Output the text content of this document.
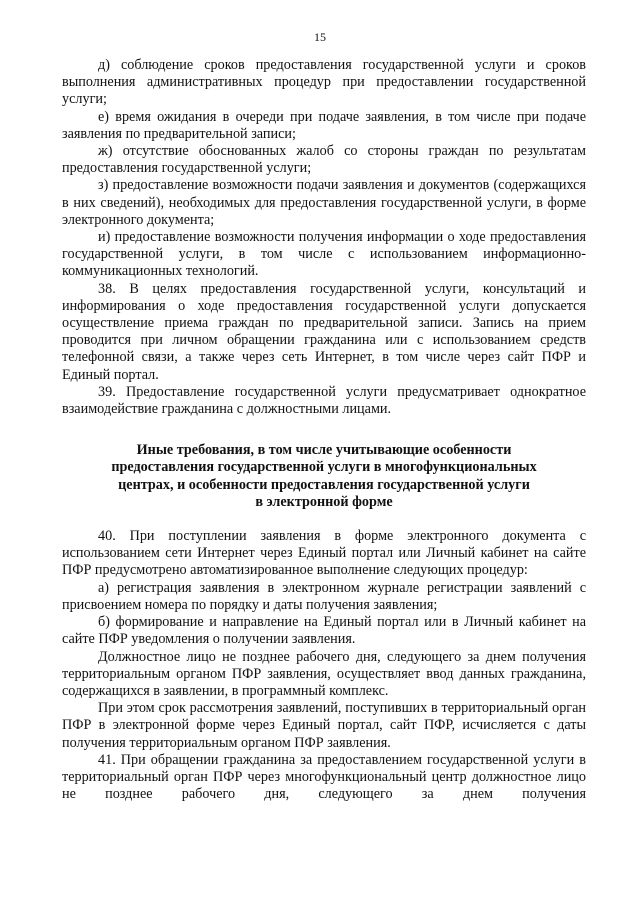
15

д) соблюдение сроков предоставления государственной услуги и сроков выполнения административных процедур при предоставлении государственной услуги;

е) время ожидания в очереди при подаче заявления, в том числе при подаче заявления по предварительной записи;

ж) отсутствие обоснованных жалоб со стороны граждан по результатам предоставления государственной услуги;

з) предоставление возможности подачи заявления и документов (содержащихся в них сведений), необходимых для предоставления государственной услуги, в форме электронного документа;

и) предоставление возможности получения информации о ходе предоставления государственной услуги, в том числе с использованием информационно-коммуникационных технологий.

38. В целях предоставления государственной услуги, консультаций и информирования о ходе предоставления государственной услуги допускается осуществление приема граждан по предварительной записи. Запись на прием проводится при личном обращении гражданина или с использованием средств телефонной связи, а также через сеть Интернет, в том числе через сайт ПФР и Единый портал.

39. Предоставление государственной услуги предусматривает однократное взаимодействие гражданина с должностными лицами.

Иные требования, в том числе учитывающие особенности
предоставления государственной услуги в многофункциональных
центрах, и особенности предоставления государственной услуги
в электронной форме

40. При поступлении заявления в форме электронного документа с использованием сети Интернет через Единый портал или Личный кабинет на сайте ПФР предусмотрено автоматизированное выполнение следующих процедур:

а) регистрация заявления в электронном журнале регистрации заявлений с присвоением номера по порядку и даты получения заявления;

б) формирование и направление на Единый портал или в Личный кабинет на сайте ПФР уведомления о получении заявления.

Должностное лицо не позднее рабочего дня, следующего за днем получения территориальным органом ПФР заявления, осуществляет ввод данных гражданина, содержащихся в заявлении, в программный комплекс.

При этом срок рассмотрения заявлений, поступивших в территориальный орган ПФР в электронной форме через Единый портал, сайт ПФР, исчисляется с даты получения территориальным органом ПФР заявления.

41. При обращении гражданина за предоставлением государственной услуги в территориальный орган ПФР через многофункциональный центр должностное лицо не позднее рабочего дня, следующего за днем получения
